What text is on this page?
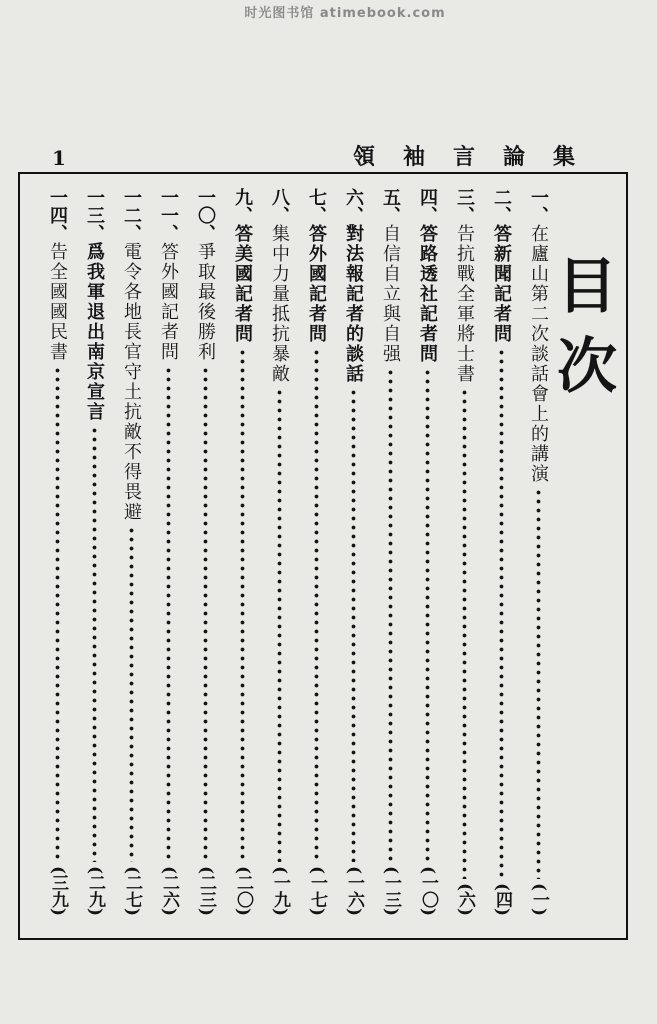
时光图书馆 atimebook.com
1	領袖言論集
目次
一、
在廬山第二次談話會上的講演
(一)
二、
答新聞記者問
(四)
三、
告抗戰全軍將士書
(六)
四、
答路透社記者問
(一〇)
五、
自信自立與自强
(一三)
六、
對法報記者的談話
(一六)
七、
答外國記者問
(一七)
八、
集中力量抵抗暴敵
(一九)
九、
答美國記者問
(二〇)
一〇、
爭取最後勝利
(二三)
一一、
答外國記者問
(二六)
一二、
電令各地長官守土抗敵不得畏避
(二七)
一三、
爲我軍退出南京宣言
(二九)
一四、
告全國國民書
(三九)
